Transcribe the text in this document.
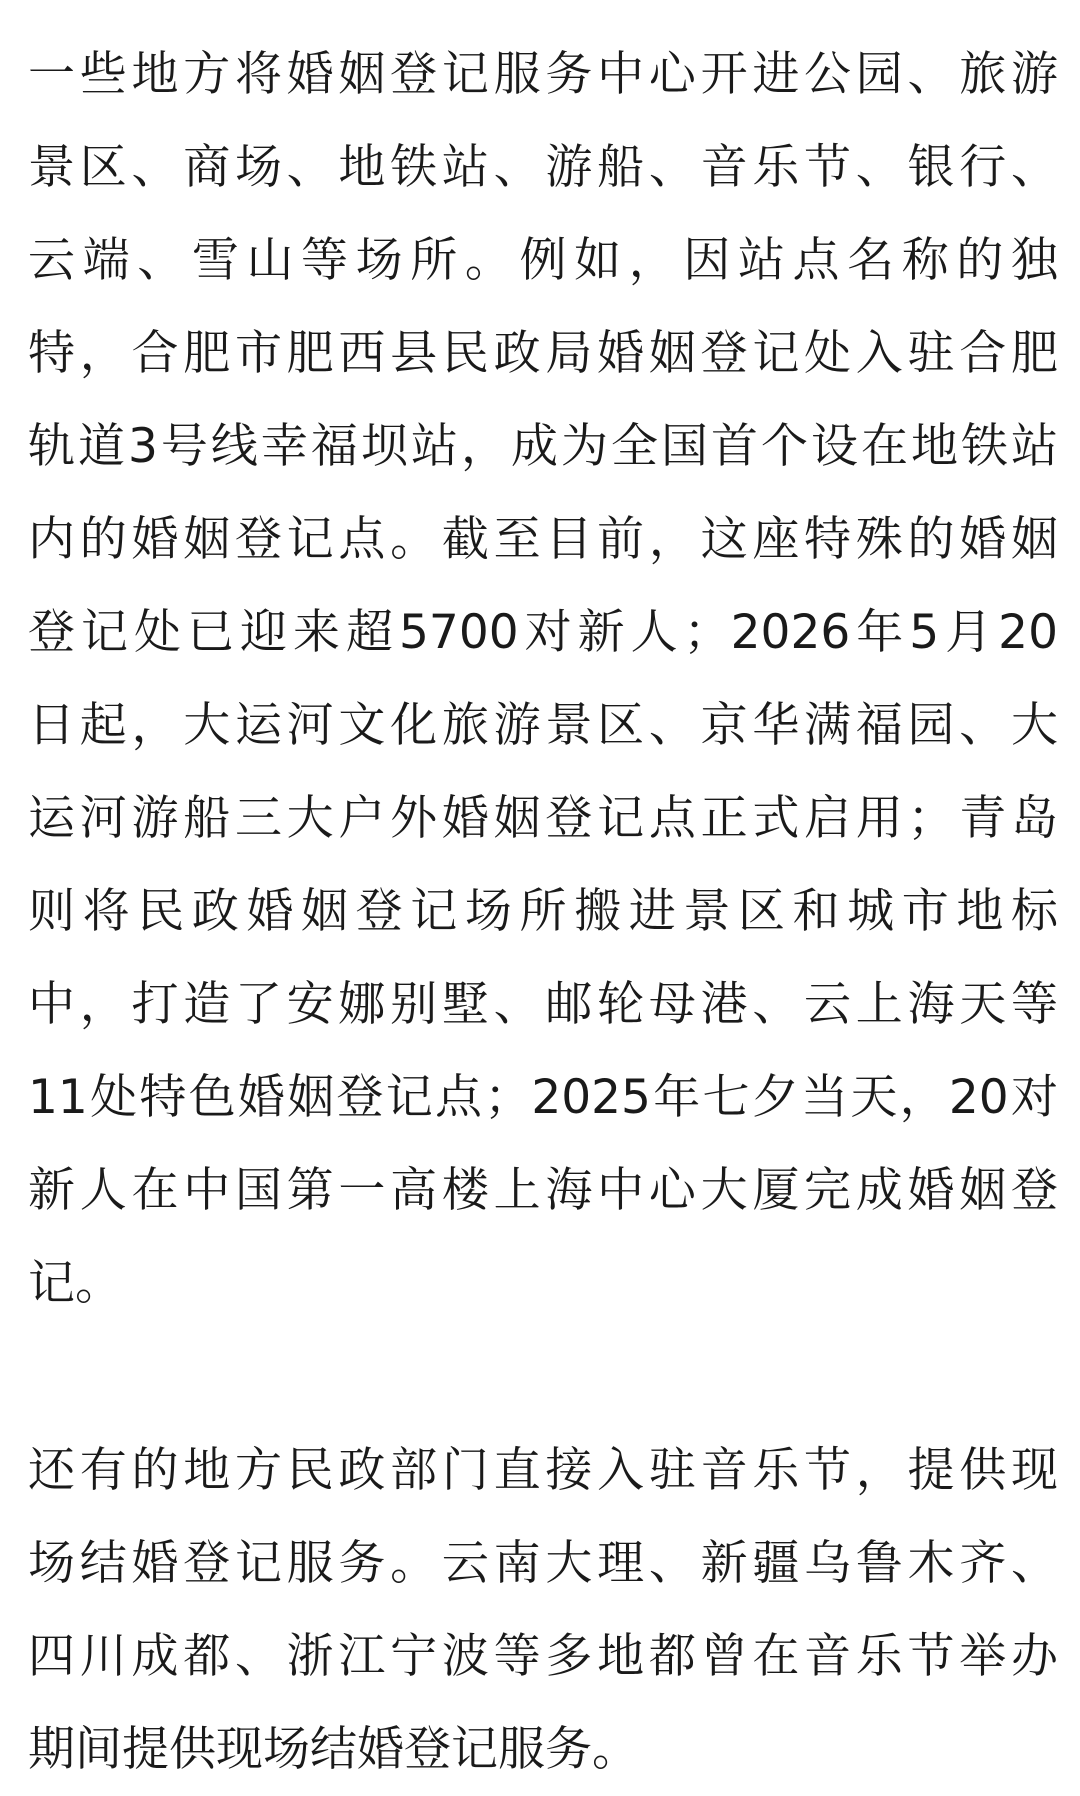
一些地方将婚姻登记服务中心开进公园、旅游
景区、商场、地铁站、游船、音乐节、银行、
云端、雪山等场所。例如，因站点名称的独
特，合肥市肥西县民政局婚姻登记处入驻合肥
轨道3号线幸福坝站，成为全国首个设在地铁站
内的婚姻登记点。截至目前，这座特殊的婚姻
登记处已迎来超5700对新人；2026年5月20
日起，大运河文化旅游景区、京华满福园、大
运河游船三大户外婚姻登记点正式启用；青岛
则将民政婚姻登记场所搬进景区和城市地标
中，打造了安娜别墅、邮轮母港、云上海天等
11处特色婚姻登记点；2025年七夕当天，20对
新人在中国第一高楼上海中心大厦完成婚姻登
记。
还有的地方民政部门直接入驻音乐节，提供现
场结婚登记服务。云南大理、新疆乌鲁木齐、
四川成都、浙江宁波等多地都曾在音乐节举办
期间提供现场结婚登记服务。
